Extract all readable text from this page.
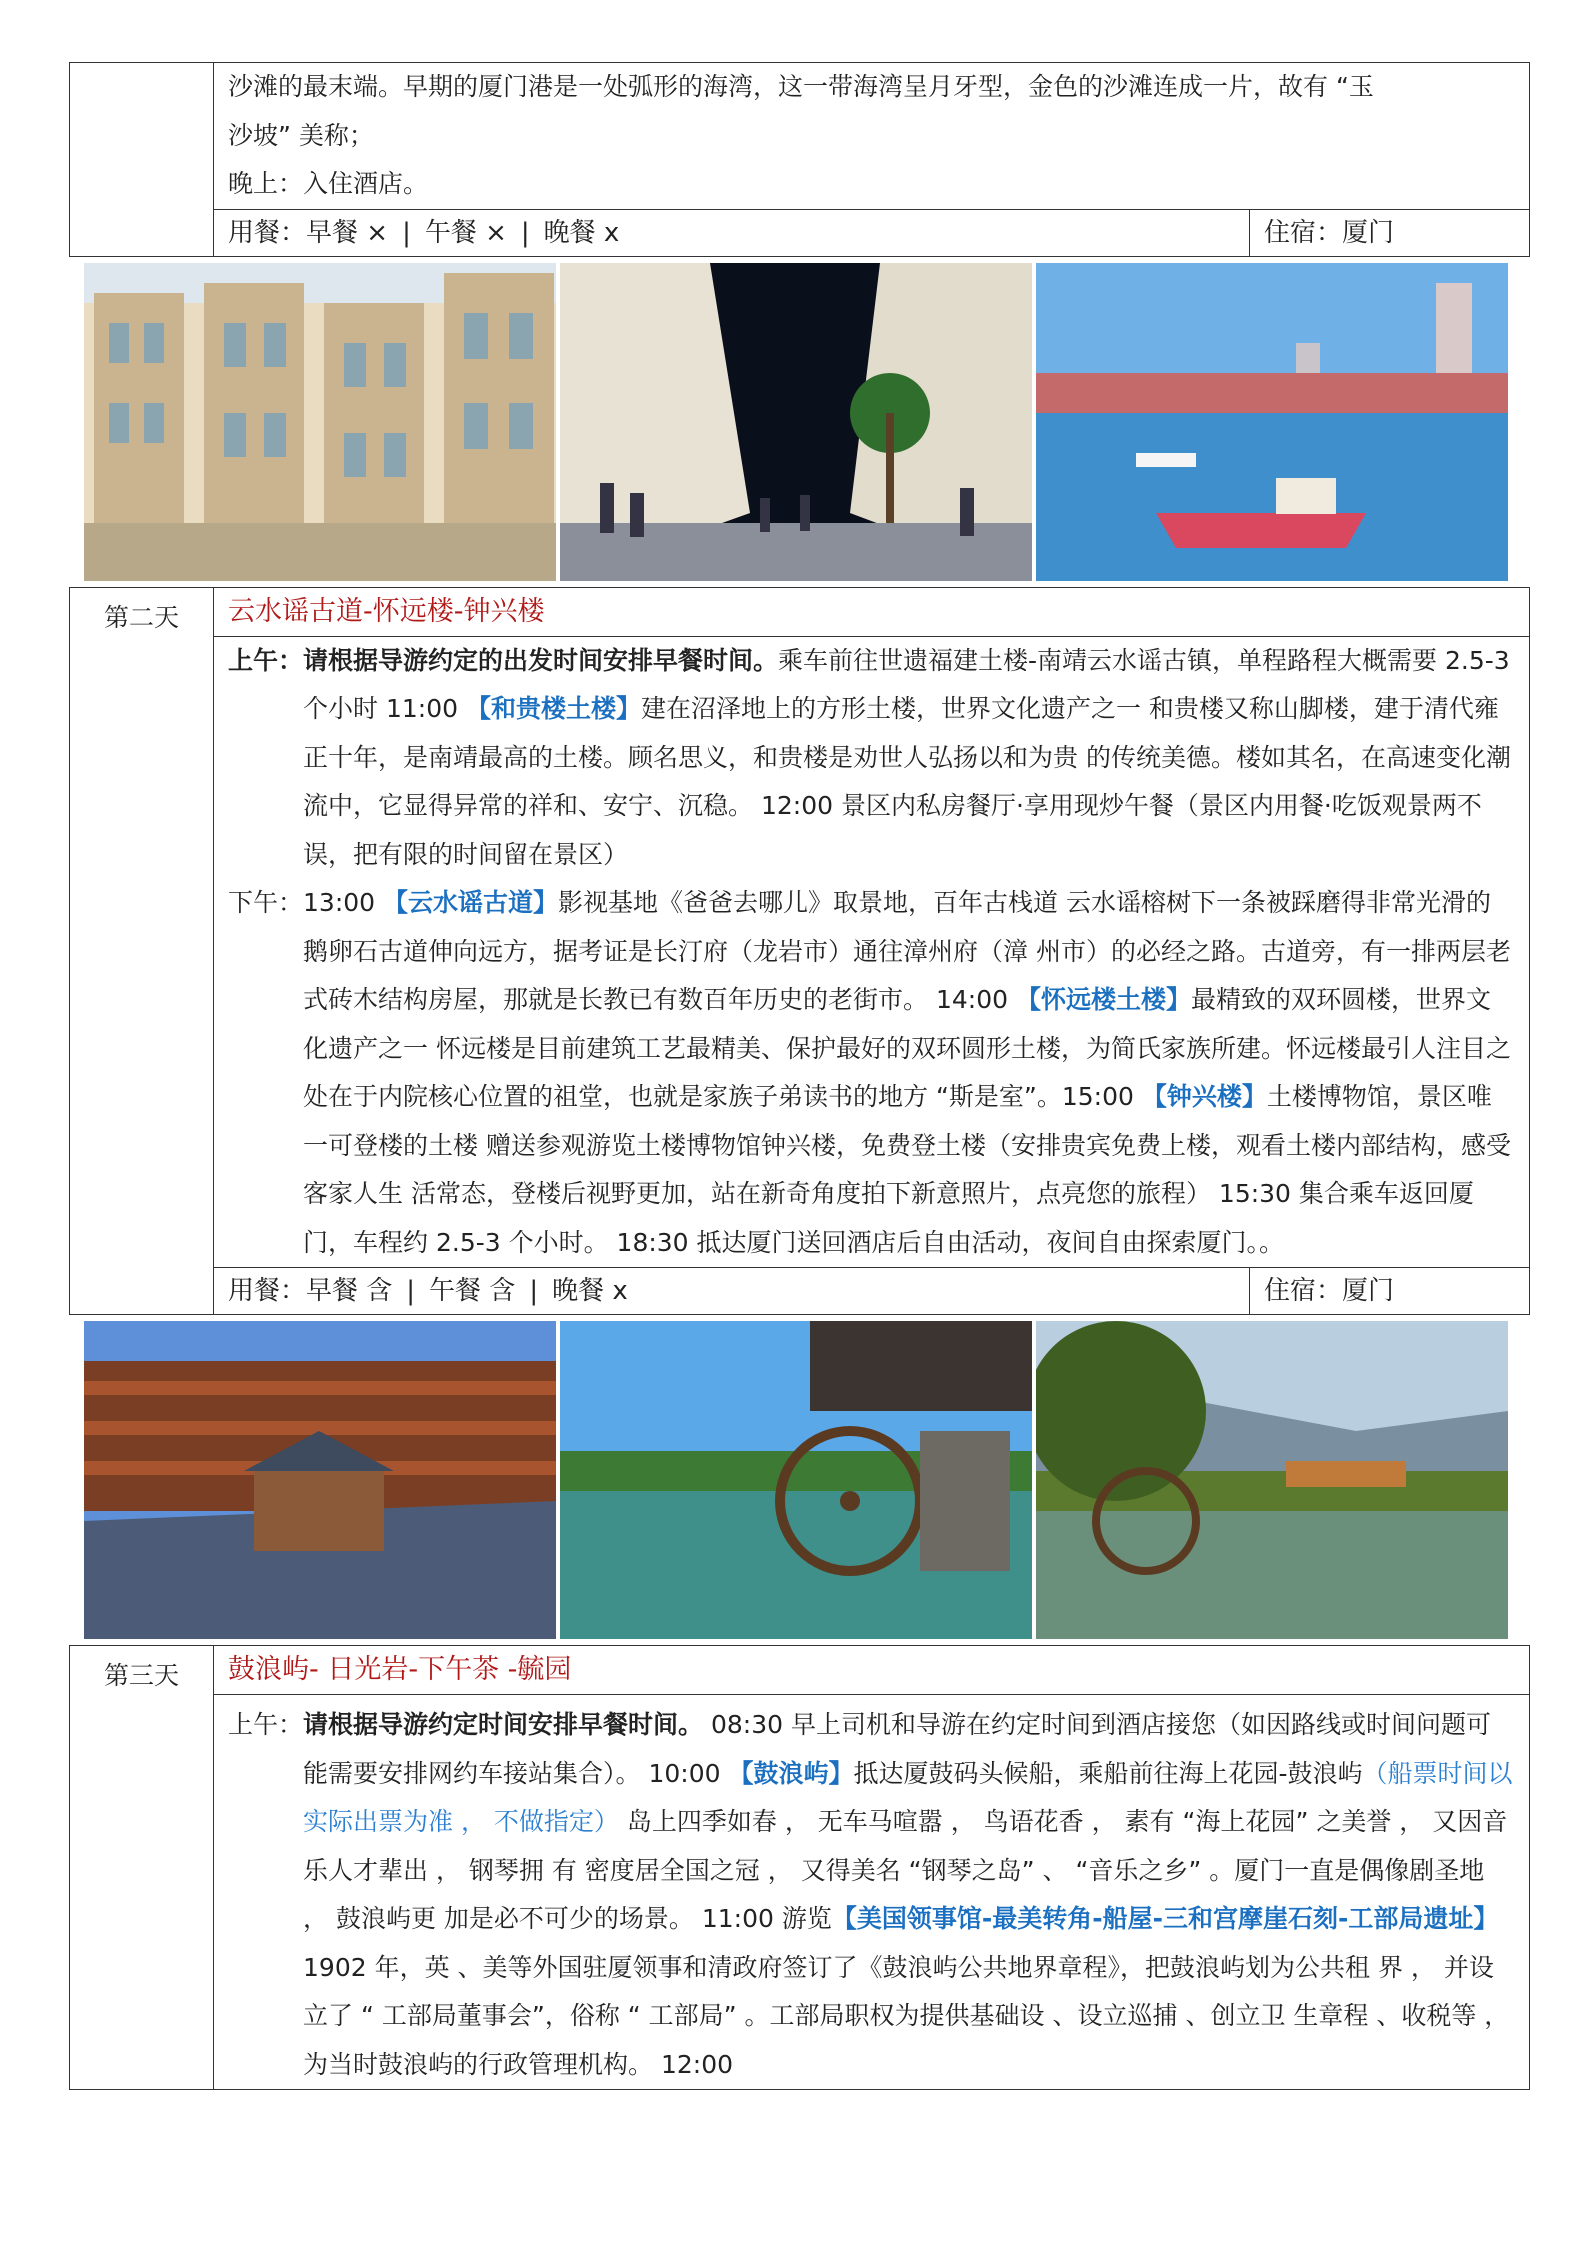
	沙滩的最末端。早期的厦门港是一处弧形的海湾，这一带海湾呈月牙型，金色的沙滩连成一片，故有 “玉
沙坡” 美称；
晚上：入住酒店。	

	用餐：早餐 × | 午餐 × | 晚餐 x	住宿：厦门

第二天	云水谣古道-怀远楼-钟兴楼	

	上午： 请根据导游约定的出发时间安排早餐时间。乘车前往世遗福建土楼-南靖云水谣古镇，单程路程大概需要 2.5-3 个小时 11:00 【和贵楼土楼】建在沼泽地上的方形土楼，世界文化遗产之一 和贵楼又称山脚楼，建于清代雍正十年，是南靖最高的土楼。顾名思义，和贵楼是劝世人弘扬以和为贵 的传统美德。楼如其名，在高速变化潮流中，它显得异常的祥和、安宁、沉稳。 12:00 景区内私房餐厅·享用现炒午餐（景区内用餐·吃饭观景两不误，把有限的时间留在景区）
下午： 13:00 【云水谣古道】影视基地《爸爸去哪儿》取景地，百年古栈道 云水谣榕树下一条被踩磨得非常光滑的鹅卵石古道伸向远方，据考证是长汀府（龙岩市）通往漳州府（漳 州市）的必经之路。古道旁，有一排两层老式砖木结构房屋，那就是长教已有数百年历史的老街市。 14:00 【怀远楼土楼】最精致的双环圆楼，世界文化遗产之一 怀远楼是目前建筑工艺最精美、保护最好的双环圆形土楼，为简氏家族所建。怀远楼最引人注目之处在于内院核心位置的祖堂，也就是家族子弟读书的地方 “斯是室”。15:00 【钟兴楼】土楼博物馆，景区唯一可登楼的土楼 赠送参观游览土楼博物馆钟兴楼，免费登土楼（安排贵宾免费上楼，观看土楼内部结构，感受客家人生 活常态，登楼后视野更加，站在新奇角度拍下新意照片，点亮您的旅程） 15:30 集合乘车返回厦门，车程约 2.5-3 个小时。 18:30 抵达厦门送回酒店后自由活动，夜间自由探索厦门。。	

	用餐：早餐 含 | 午餐 含 | 晚餐 x	住宿：厦门

第三天	鼓浪屿- 日光岩-下午茶 -毓园	

	上午： 请根据导游约定时间安排早餐时间。 08:30 早上司机和导游在约定时间到酒店接您（如因路线或时间问题可能需要安排网约车接站集合）。 10:00 【鼓浪屿】抵达厦鼓码头候船，乘船前往海上花园-鼓浪屿（船票时间以实际出票为准 ， 不做指定） 岛上四季如春 ， 无车马喧嚣 ， 鸟语花香 ， 素有 “海上花园” 之美誉 ， 又因音乐人才辈出 ， 钢琴拥 有 密度居全国之冠 ， 又得美名 “钢琴之岛” 、 “音乐之乡” 。厦门一直是偶像剧圣地 ， 鼓浪屿更 加是必不可少的场景。 11:00 游览【美国领事馆-最美转角-船屋-三和宫摩崖石刻-工部局遗址】 1902 年，英 、美等外国驻厦领事和清政府签订了《鼓浪屿公共地界章程》，把鼓浪屿划为公共租 界 ， 并设立了 “ 工部局董事会”，俗称 “ 工部局” 。工部局职权为提供基础设 、设立巡捕 、创立卫 生章程 、收税等 ，为当时鼓浪屿的行政管理机构。 12:00	
